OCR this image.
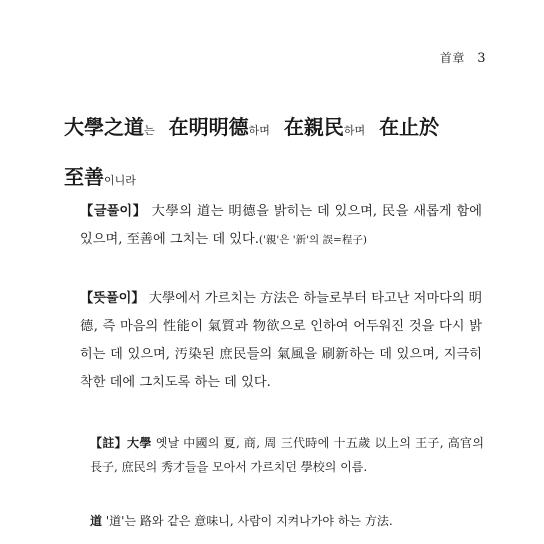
首章 3
大學之道는 在明明德하며 在親民하며 在止於
至善이니라
【글풀이】 大學의 道는 明德을 밝히는 데 있으며, 民을 새롭게 함에 있으며, 至善에 그치는 데 있다.('親'은 '新'의 誤=程子)
【뜻풀이】 大學에서 가르치는 方法은 하늘로부터 타고난 저마다의 明德, 즉 마음의 性能이 氣質과 物欲으로 인하여 어두워진 것을 다시 밝히는 데 있으며, 汚染된 庶民들의 氣風을 刷新하는 데 있으며, 지극히 착한 데에 그치도록 하는 데 있다.
【註】大學 옛날 中國의 夏, 商, 周 三代時에 十五歲 以上의 王子, 高官의 長子, 庶民의 秀才들을 모아서 가르치던 學校의 이름.
道 '道'는 路와 같은 意味니, 사람이 지켜나가야 하는 方法.
